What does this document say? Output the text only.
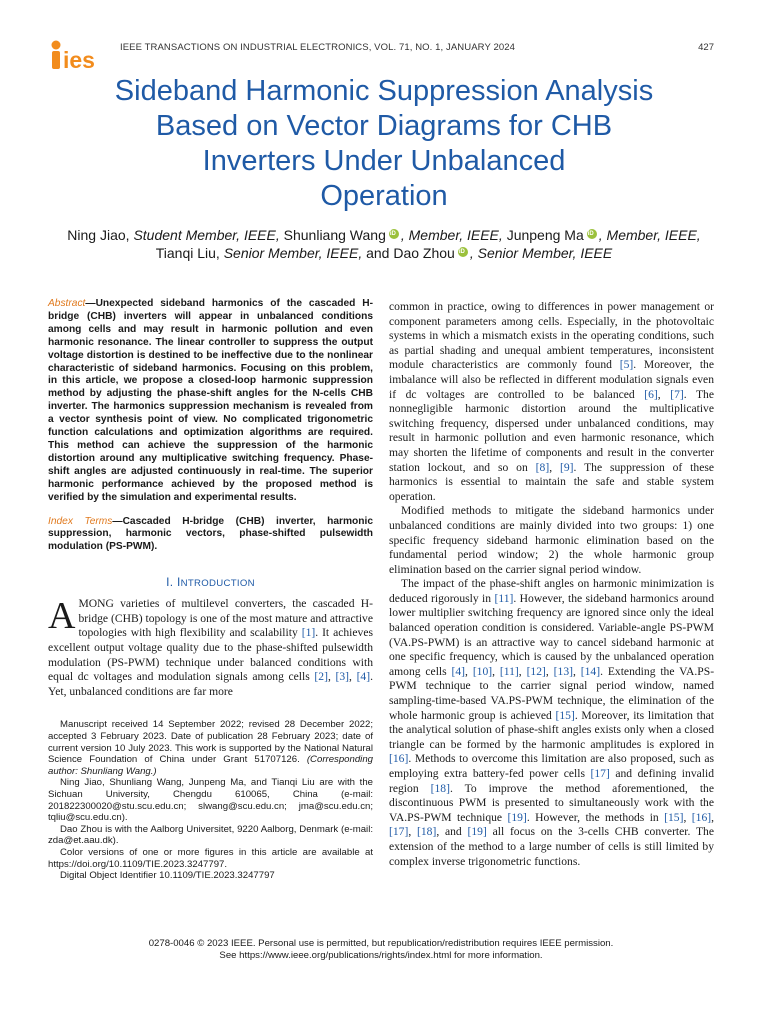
ies	IEEE TRANSACTIONS ON INDUSTRIAL ELECTRONICS, VOL. 71, NO. 1, JANUARY 2024	427
Sideband Harmonic Suppression Analysis
Based on Vector Diagrams for CHB
Inverters Under Unbalanced
Operation
Ning Jiao, Student Member, IEEE, Shunliang Wang iD , Member, IEEE, Junpeng Ma iD , Member, IEEE,
Tianqi Liu, Senior Member, IEEE, and Dao Zhou iD , Senior Member, IEEE

Abstract—Unexpected sideband harmonics of the cascaded H-bridge (CHB) inverters will appear in unbalanced conditions among cells and may result in harmonic pollution and even harmonic resonance. The linear controller to suppress the output voltage distortion is destined to be ineffective due to the nonlinear characteristic of sideband harmonics. Focusing on this problem, in this article, we propose a closed-loop harmonic suppression method by adjusting the phase-shift angles for the N-cells CHB inverter. The harmonics suppression mechanism is revealed from a vector synthesis point of view. No complicated trigonometric function calculations and optimization algorithms are required. This method can achieve the suppression of the harmonic distortion around any multiplicative switching frequency. Phase-shift angles are adjusted continuously in real-time. The superior harmonic performance achieved by the proposed method is verified by the simulation and experimental results.

Index Terms—Cascaded H-bridge (CHB) inverter, harmonic suppression, harmonic vectors, phase-shifted pulsewidth modulation (PS-PWM).

I. INTRODUCTION
AMONG varieties of multilevel converters, the cascaded H-bridge (CHB) topology is one of the most mature and attractive topologies with high flexibility and scalability [1]. It achieves excellent output voltage quality due to the phase-shifted pulsewidth modulation (PS-PWM) technique under balanced conditions with equal dc voltages and modulation signals among cells [2], [3], [4]. Yet, unbalanced conditions are far more

Manuscript received 14 September 2022; revised 28 December 2022; accepted 3 February 2023. Date of publication 28 February 2023; date of current version 10 July 2023. This work is supported by the National Natural Science Foundation of China under Grant 51707126. (Corresponding author: Shunliang Wang.)

Ning Jiao, Shunliang Wang, Junpeng Ma, and Tianqi Liu are with the Sichuan University, Chengdu 610065, China (e-mail: 201822300020@stu.scu.edu.cn; slwang@scu.edu.cn; jma@scu.edu.cn; tqliu@scu.edu.cn).

Dao Zhou is with the Aalborg Universitet, 9220 Aalborg, Denmark (e-mail: zda@et.aau.dk).

Color versions of one or more figures in this article are available at https://doi.org/10.1109/TIE.2023.3247797.

Digital Object Identifier 10.1109/TIE.2023.3247797

common in practice, owing to differences in power management or component parameters among cells. Especially, in the photovoltaic systems in which a mismatch exists in the operating conditions, such as partial shading and unequal ambient temperatures, inconsistent module characteristics are commonly found [5]. Moreover, the imbalance will also be reflected in different modulation signals even if dc voltages are controlled to be balanced [6], [7]. The nonnegligible harmonic distortion around the multiplicative switching frequency, dispersed under unbalanced conditions, may result in harmonic pollution and even harmonic resonance, which may shorten the lifetime of components and result in the converter station lockout, and so on [8], [9]. The suppression of these harmonics is essential to maintain the safe and stable system operation.

Modified methods to mitigate the sideband harmonics under unbalanced conditions are mainly divided into two groups: 1) one specific frequency sideband harmonic elimination based on the fundamental period window; 2) the whole harmonic group elimination based on the carrier signal period window.

The impact of the phase-shift angles on harmonic minimization is deduced rigorously in [11]. However, the sideband harmonics around lower multiplier switching frequency are ignored since only the ideal balanced operation condition is considered. Variable-angle PS-PWM (VA.PS-PWM) is an attractive way to cancel sideband harmonic at one specific frequency, which is caused by the unbalanced operation among cells [4], [10], [11], [12], [13], [14]. Extending the VA.PS-PWM technique to the carrier signal period window, named sampling-time-based VA.PS-PWM technique, the elimination of the whole harmonic group is achieved [15]. Moreover, its limitation that the analytical solution of phase-shift angles exists only when a closed triangle can be formed by the harmonic amplitudes is explored in [16]. Methods to overcome this limitation are also proposed, such as employing extra battery-fed power cells [17] and defining invalid region [18]. To improve the method aforementioned, the discontinuous PWM is presented to simultaneously work with the VA.PS-PWM technique [19]. However, the methods in [15], [16], [17], [18], and [19] all focus on the 3-cells CHB converter. The extension of the method to a large number of cells is still limited by complex inverse trigonometric functions.

0278-0046 © 2023 IEEE. Personal use is permitted, but republication/redistribution requires IEEE permission.
See https://www.ieee.org/publications/rights/index.html for more information.
